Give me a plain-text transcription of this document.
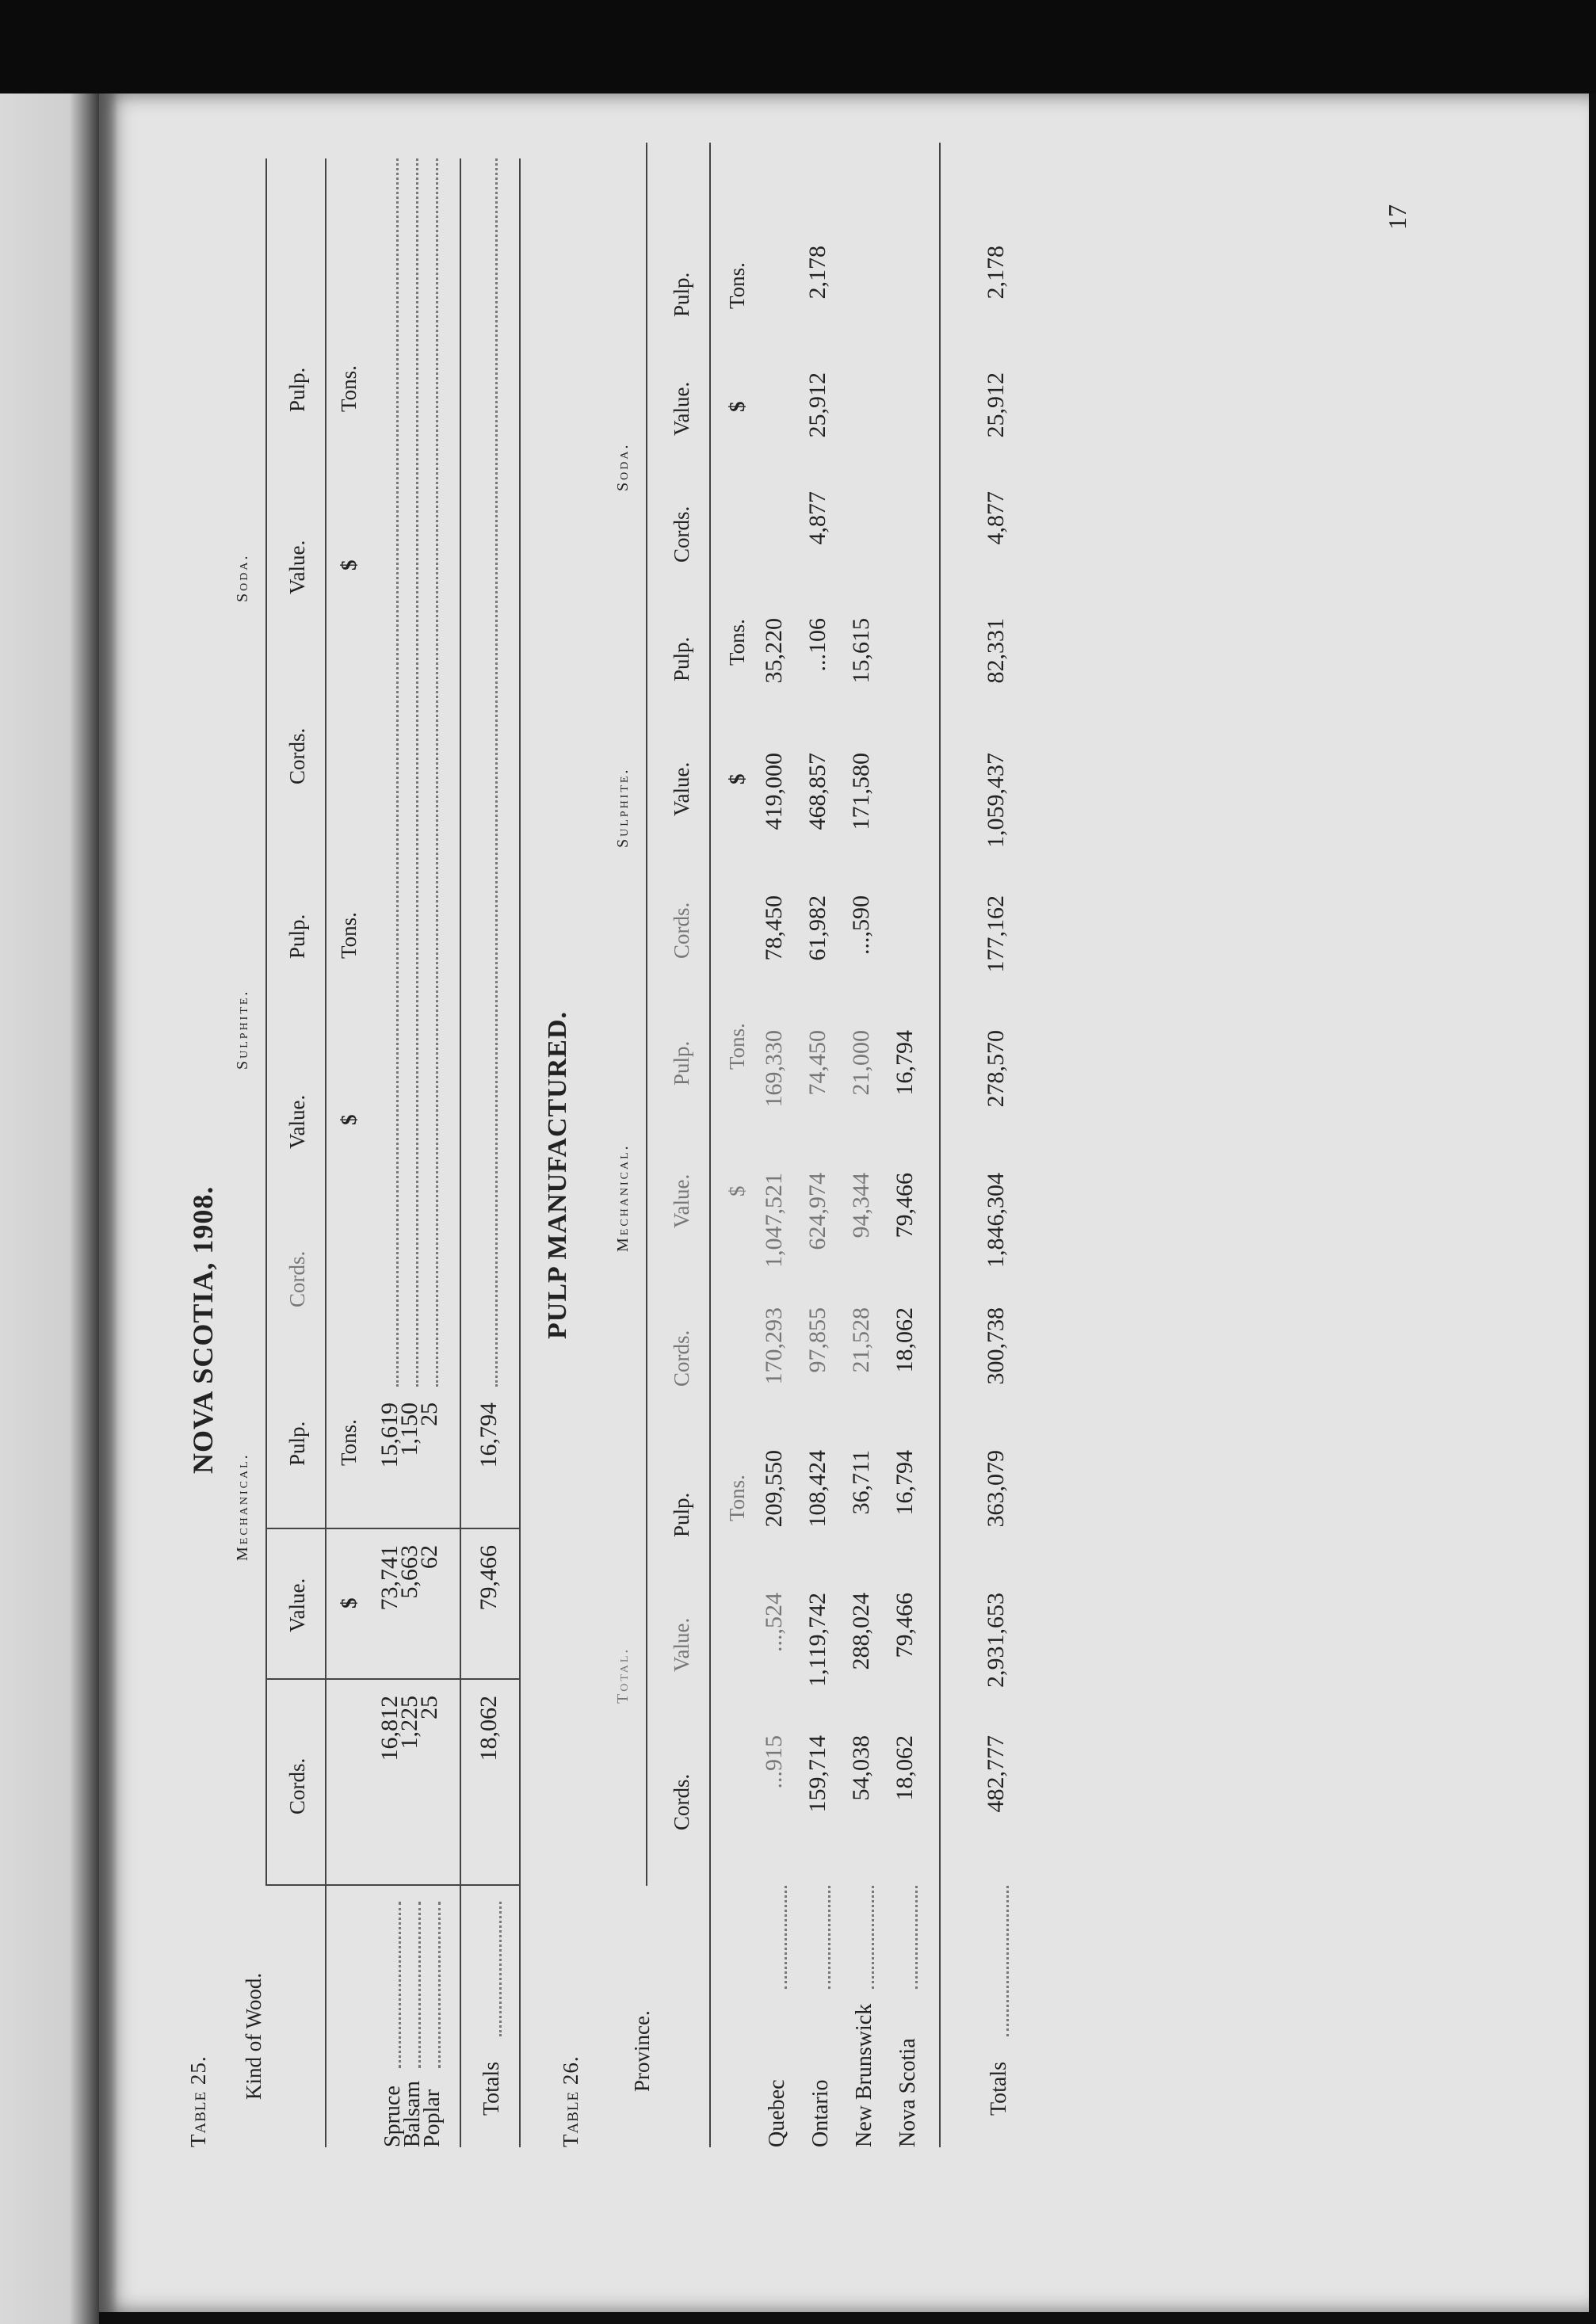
17
Table 25.
NOVA SCOTIA, 1908.
Kind of Wood.
Mechanical.
Sulphite.
Soda.
Cords.
Value.
Pulp.
Cords.
Value.
Pulp.
Cords.
Value.
Pulp.
$
Tons.
$
Tons.
$
Tons.
Spruce
Balsam
Poplar
16,812
1,225
25
73,741
5,663
62
15,619
1,150
25
Totals
18,062
79,466
16,794
Table 26.
PULP MANUFACTURED.
Province.
Total.
Mechanical.
Sulphite.
Soda.
Cords.
Value.
Pulp.
Cords.
Value.
Pulp.
Cords.
Value.
Pulp.
Cords.
Value.
Pulp.
Tons.
$
Tons.
$
Tons.
$
Tons.
Quebec Ontario New Brunswick Nova Scotia	Totals
...915
...,524
209,550
170,293
1,047,521
169,330
78,450
419,000
35,220
159,714
1,119,742
108,424
97,855
624,974
74,450
61,982
468,857
...106
4,877
25,912
2,178
54,038
288,024
36,711
21,528
94,344
21,000
...,590
171,580
15,615
18,062
79,466
16,794
18,062
79,466
16,794
482,777
2,931,653
363,079
300,738
1,846,304
278,570
177,162
1,059,437
82,331
4,877
25,912
2,178
